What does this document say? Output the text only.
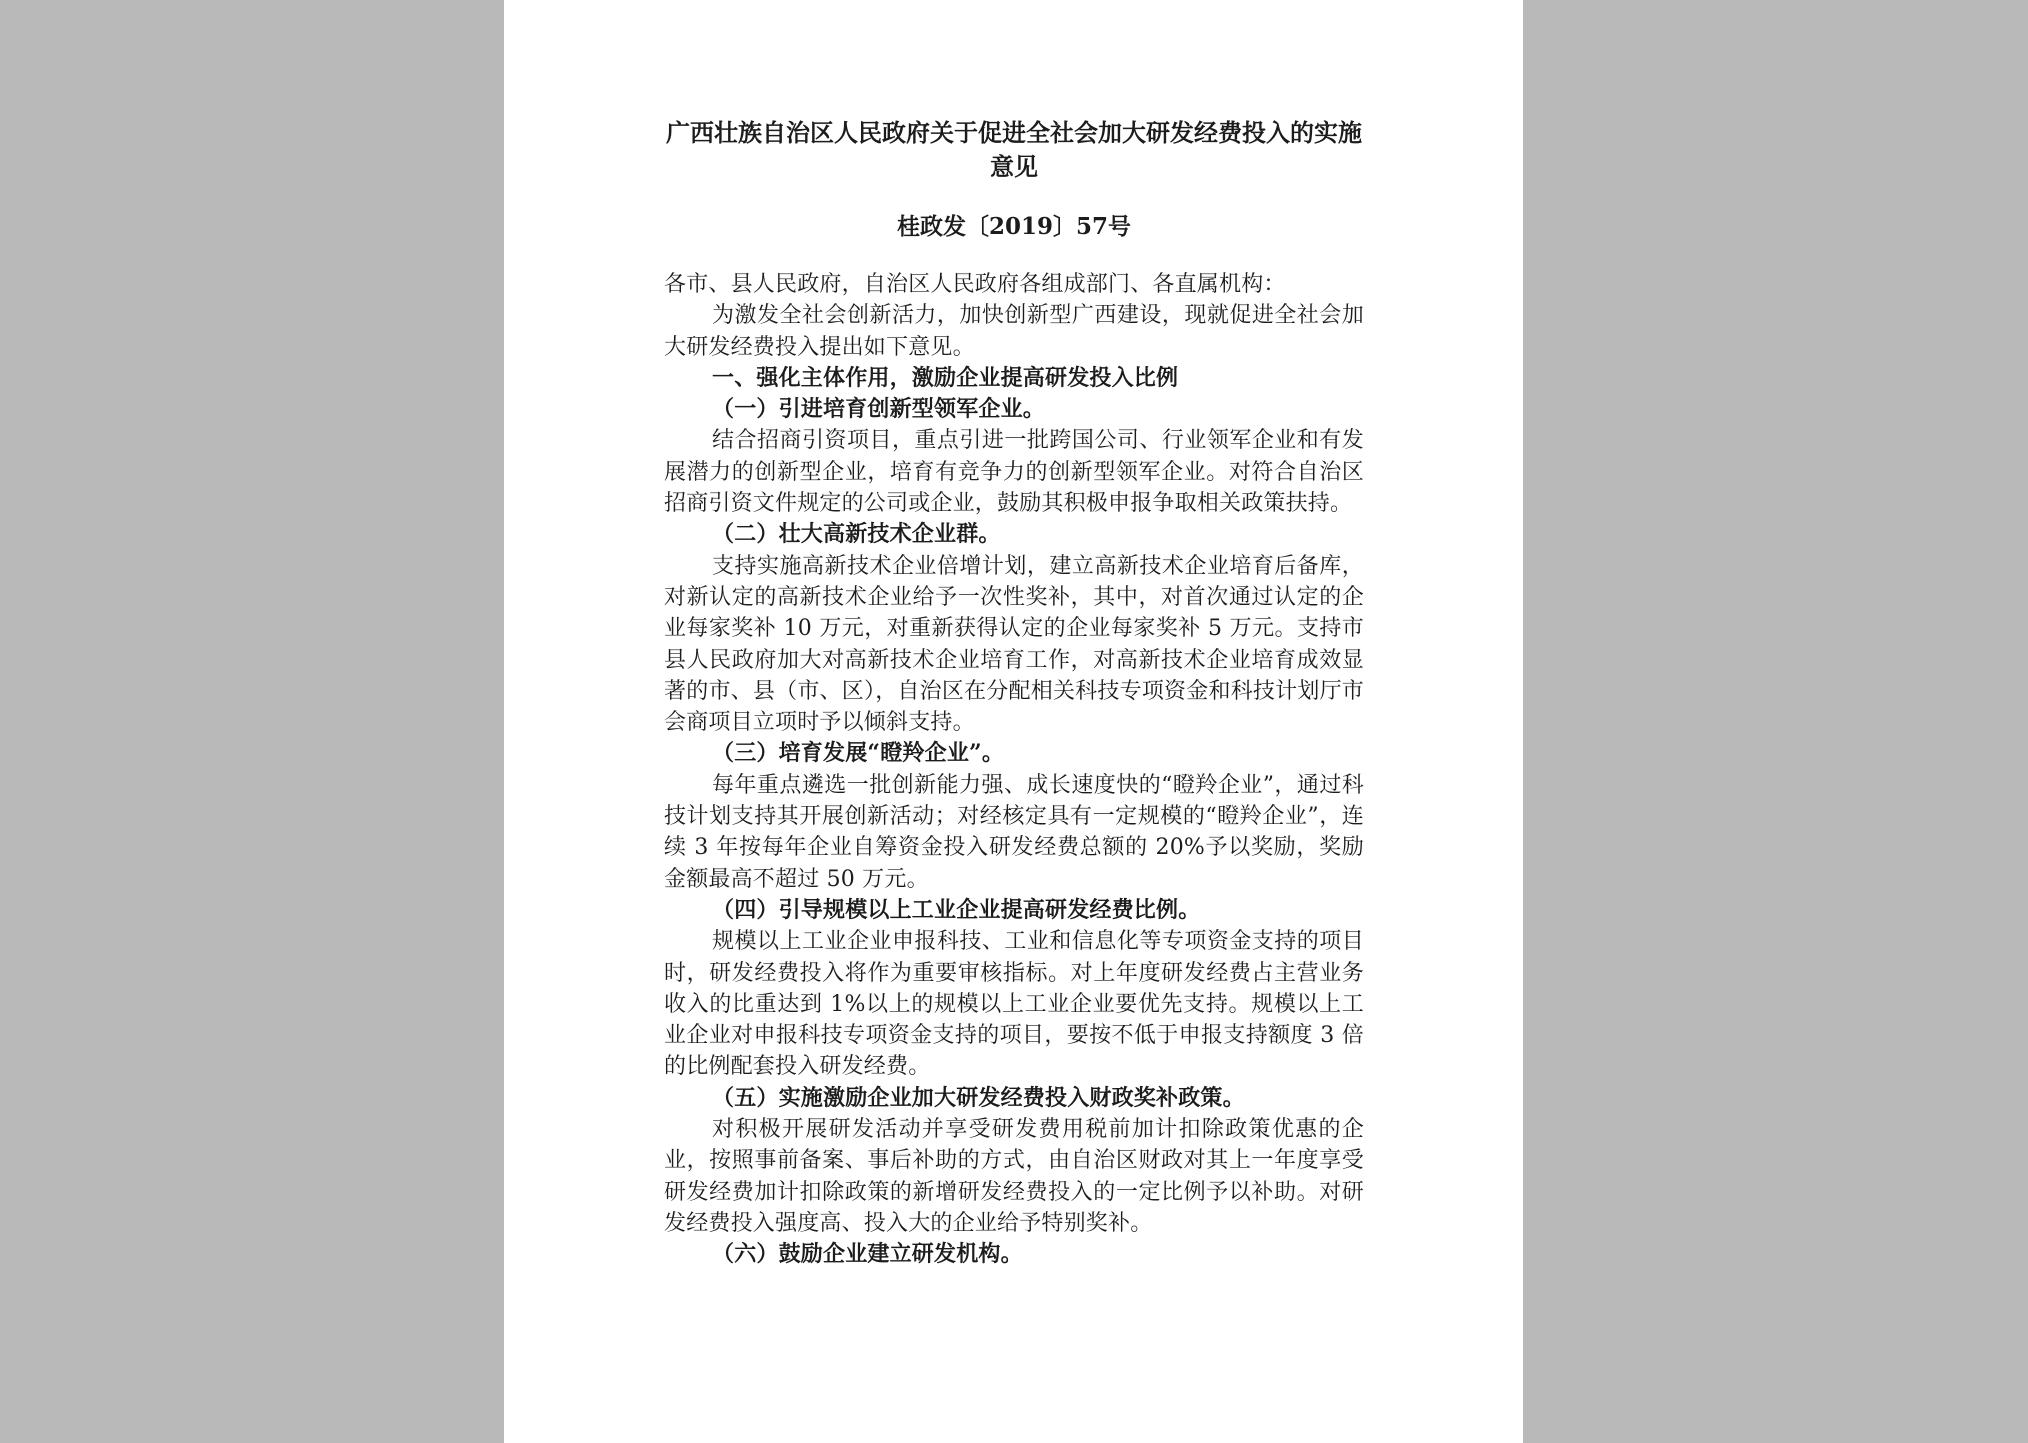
广西壮族自治区人民政府关于促进全社会加大研发经费投入的实施意见

桂政发〔2019〕57号

各市、县人民政府，自治区人民政府各组成部门、各直属机构：

为激发全社会创新活力，加快创新型广西建设，现就促进全社会加大研发经费投入提出如下意见。

一、强化主体作用，激励企业提高研发投入比例

（一）引进培育创新型领军企业。

结合招商引资项目，重点引进一批跨国公司、行业领军企业和有发展潜力的创新型企业，培育有竞争力的创新型领军企业。对符合自治区招商引资文件规定的公司或企业，鼓励其积极申报争取相关政策扶持。

（二）壮大高新技术企业群。

支持实施高新技术企业倍增计划，建立高新技术企业培育后备库，对新认定的高新技术企业给予一次性奖补，其中，对首次通过认定的企业每家奖补 10 万元，对重新获得认定的企业每家奖补 5 万元。支持市县人民政府加大对高新技术企业培育工作，对高新技术企业培育成效显著的市、县（市、区），自治区在分配相关科技专项资金和科技计划厅市会商项目立项时予以倾斜支持。

（三）培育发展“瞪羚企业”。

每年重点遴选一批创新能力强、成长速度快的“瞪羚企业”，通过科技计划支持其开展创新活动；对经核定具有一定规模的“瞪羚企业”，连续 3 年按每年企业自筹资金投入研发经费总额的 20%予以奖励，奖励金额最高不超过 50 万元。

（四）引导规模以上工业企业提高研发经费比例。

规模以上工业企业申报科技、工业和信息化等专项资金支持的项目时，研发经费投入将作为重要审核指标。对上年度研发经费占主营业务收入的比重达到 1%以上的规模以上工业企业要优先支持。规模以上工业企业对申报科技专项资金支持的项目，要按不低于申报支持额度 3 倍的比例配套投入研发经费。

（五）实施激励企业加大研发经费投入财政奖补政策。

对积极开展研发活动并享受研发费用税前加计扣除政策优惠的企业，按照事前备案、事后补助的方式，由自治区财政对其上一年度享受研发经费加计扣除政策的新增研发经费投入的一定比例予以补助。对研发经费投入强度高、投入大的企业给予特别奖补。

（六）鼓励企业建立研发机构。
